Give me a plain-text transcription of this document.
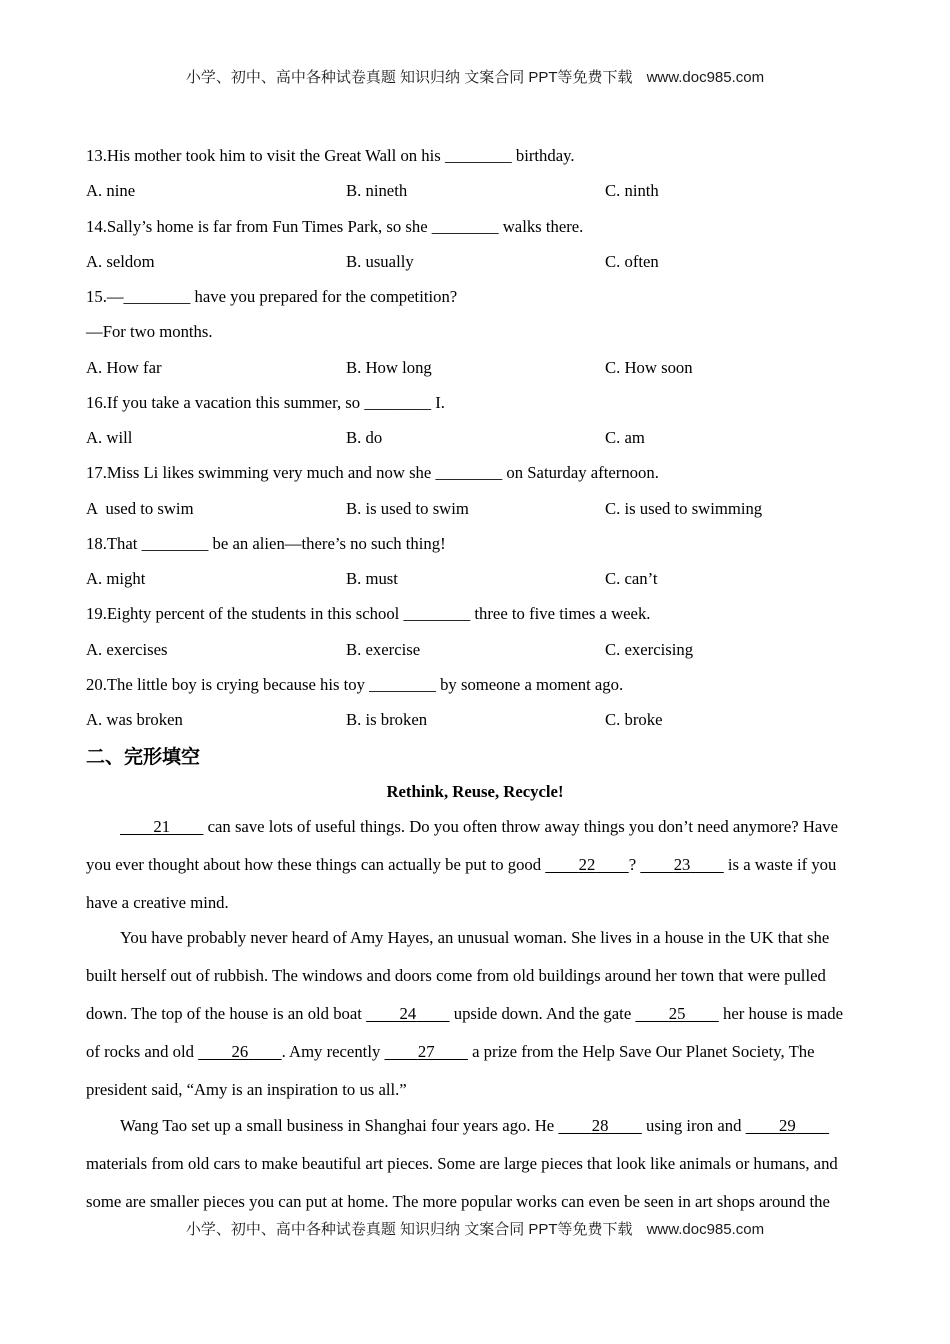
小学、初中、高中各种试卷真题 知识归纳 文案合同 PPT等免费下载 www.doc985.com
13.His mother took him to visit the Great Wall on his ________ birthday.
A. nine	B. nineth	C. ninth
14.Sally’s home is far from Fun Times Park, so she ________ walks there.
A. seldom	B. usually	C. often
15.—________ have you prepared for the competition?
—For two months.
A. How far	B. How long	C. How soon
16.If you take a vacation this summer, so ________ I.
A. will	B. do	C. am
17.Miss Li likes swimming very much and now she ________ on Saturday afternoon.
A  used to swim	B. is used to swim	C. is used to swimming
18.That ________ be an alien—there’s no such thing!
A. might	B. must	C. can’t
19.Eighty percent of the students in this school ________ three to five times a week.
A. exercises	B. exercise	C. exercising
20.The little boy is crying because his toy ________ by someone a moment ago.
A. was broken	B. is broken	C. broke
二、完形填空
Rethink, Reuse, Recycle!
21	can save lots of useful things. Do you often throw away things you don’t need anymore? Have
you ever thought about how these things can actually be put to good	22	?	23	is a waste if you
have a creative mind.
You have probably never heard of Amy Hayes, an unusual woman. She lives in a house in the UK that she
built herself out of rubbish. The windows and doors come from old buildings around her town that were pulled
down. The top of the house is an old boat	24	upside down. And the gate	25	her house is made
of rocks and old	26	. Amy recently	27	a prize from the Help Save Our Planet Society, The
president said, “Amy is an inspiration to us all.”
Wang Tao set up a small business in Shanghai four years ago. He	28	using iron and	29
materials from old cars to make beautiful art pieces. Some are large pieces that look like animals or humans, and
some are smaller pieces you can put at home. The more popular works can even be seen in art shops around the
小学、初中、高中各种试卷真题 知识归纳 文案合同 PPT等免费下载 www.doc985.com
